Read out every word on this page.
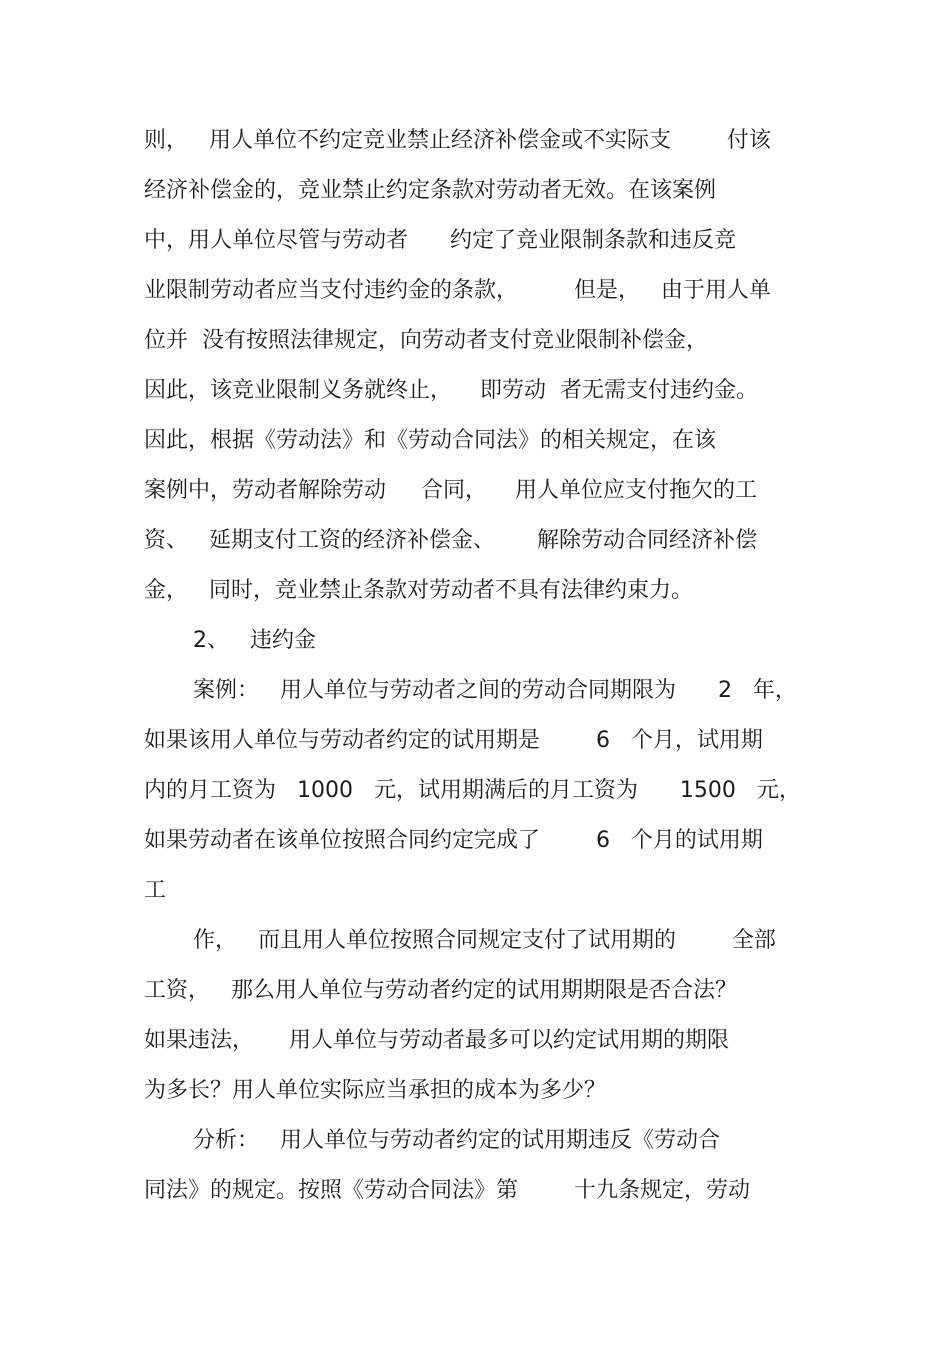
则，   用人单位不约定竞业禁止经济补偿金或不实际支        付该
经济补偿金的，竞业禁止约定条款对劳动者无效。在该案例
中，用人单位尽管与劳动者      约定了竞业限制条款和违反竞
业限制劳动者应当支付违约金的条款，        但是，   由于用人单
位并  没有按照法律规定，向劳动者支付竞业限制补偿金，
因此，该竞业限制义务就终止，    即劳动  者无需支付违约金。
因此，根据《劳动法》和《劳动合同法》的相关规定，在该
案例中，劳动者解除劳动     合同，    用人单位应支付拖欠的工
资、   延期支付工资的经济补偿金、      解除劳动合同经济补偿
金，   同时，竞业禁止条款对劳动者不具有法律约束力。
2、   违约金
案例：   用人单位与劳动者之间的劳动合同期限为      2   年，
如果该用人单位与劳动者约定的试用期是        6   个月，试用期
内的月工资为   1000   元，试用期满后的月工资为      1500   元，
如果劳动者在该单位按照合同约定完成了        6   个月的试用期
工
作，   而且用人单位按照合同规定支付了试用期的        全部
工资，   那么用人单位与劳动者约定的试用期期限是否合法？
如果违法，     用人单位与劳动者最多可以约定试用期的期限
为多长？用人单位实际应当承担的成本为多少？
分析：   用人单位与劳动者约定的试用期违反《劳动合
同法》的规定。按照《劳动合同法》第        十九条规定，劳动
